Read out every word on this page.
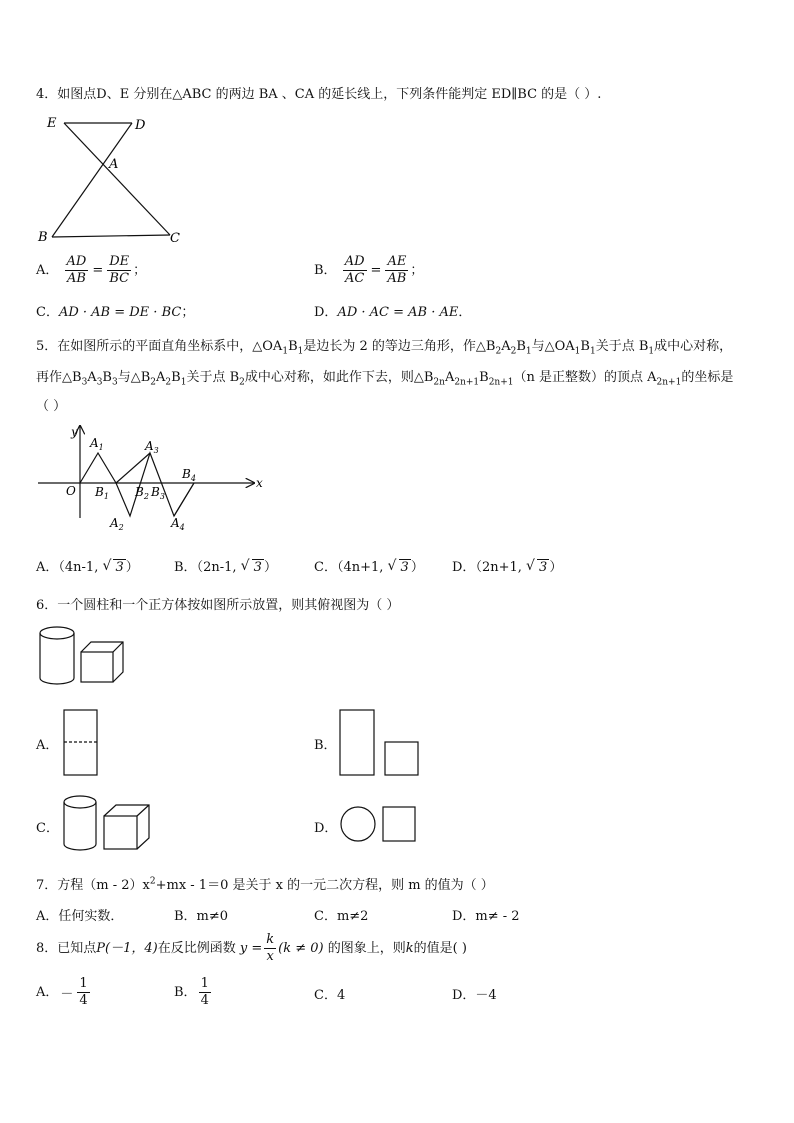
4．如图点D、E 分别在△ABC 的两边 BA 、CA 的延长线上，下列条件能判定 ED∥BC 的是（ ）.
E	D
A
B	C
A． $\frac{AD}{AB} = \frac{DE}{BC}$ ；	B． $\frac{AD}{AC} = \frac{AE}{AB}$ ；
C．AD · AB = DE · BC；	D．AD · AC = AB · AE．
5．在如图所示的平面直角坐标系中，$\triangle OA_1B_1$是边长为 2 的等边三角形，作$\triangle B_2A_2B_1$与$\triangle OA_1B_1$关于点 $B_1$成中心对称，
再作$\triangle B_3A_3B_3$与$\triangle B_2A_2B_1$关于点 $B_2$成中心对称，如此作下去，则$\triangle B_{2n}A_{2n+1}B_{2n+1}(n$ 是正整数）的顶点 $A_{2n+1}$的坐标是
（ ）
y
x
O
$A_1$	$A_3$
$B_4$
$B_1$ $B_2$ $B_3$
$A_2$	$A_4$
A．（4n-1, √ 3 ）	B．（2n-1, √ 3 ）	C．（4n+1, √ 3 ） D．（2n+1, √ 3 ）
6．一个圆柱和一个正方体按如图所示放置，则其俯视图为（ ）
A．	B．
C．	D．
7．方程$(m - 2)x^2+mx - 1=0$ 是关于 x 的一元二次方程，则 m 的值为（ ）
A．任何实数．	B．m≠0	C．m≠2	D．m≠ - 2
8．已知点P(－1，4)在反比例函数 $y = \frac{k}{x} (k \ne 0)$ 的图象上，则k的值是( )
A． － $\frac{1}{4}$	B． $\frac{1}{4}$	C．4	D．－4
